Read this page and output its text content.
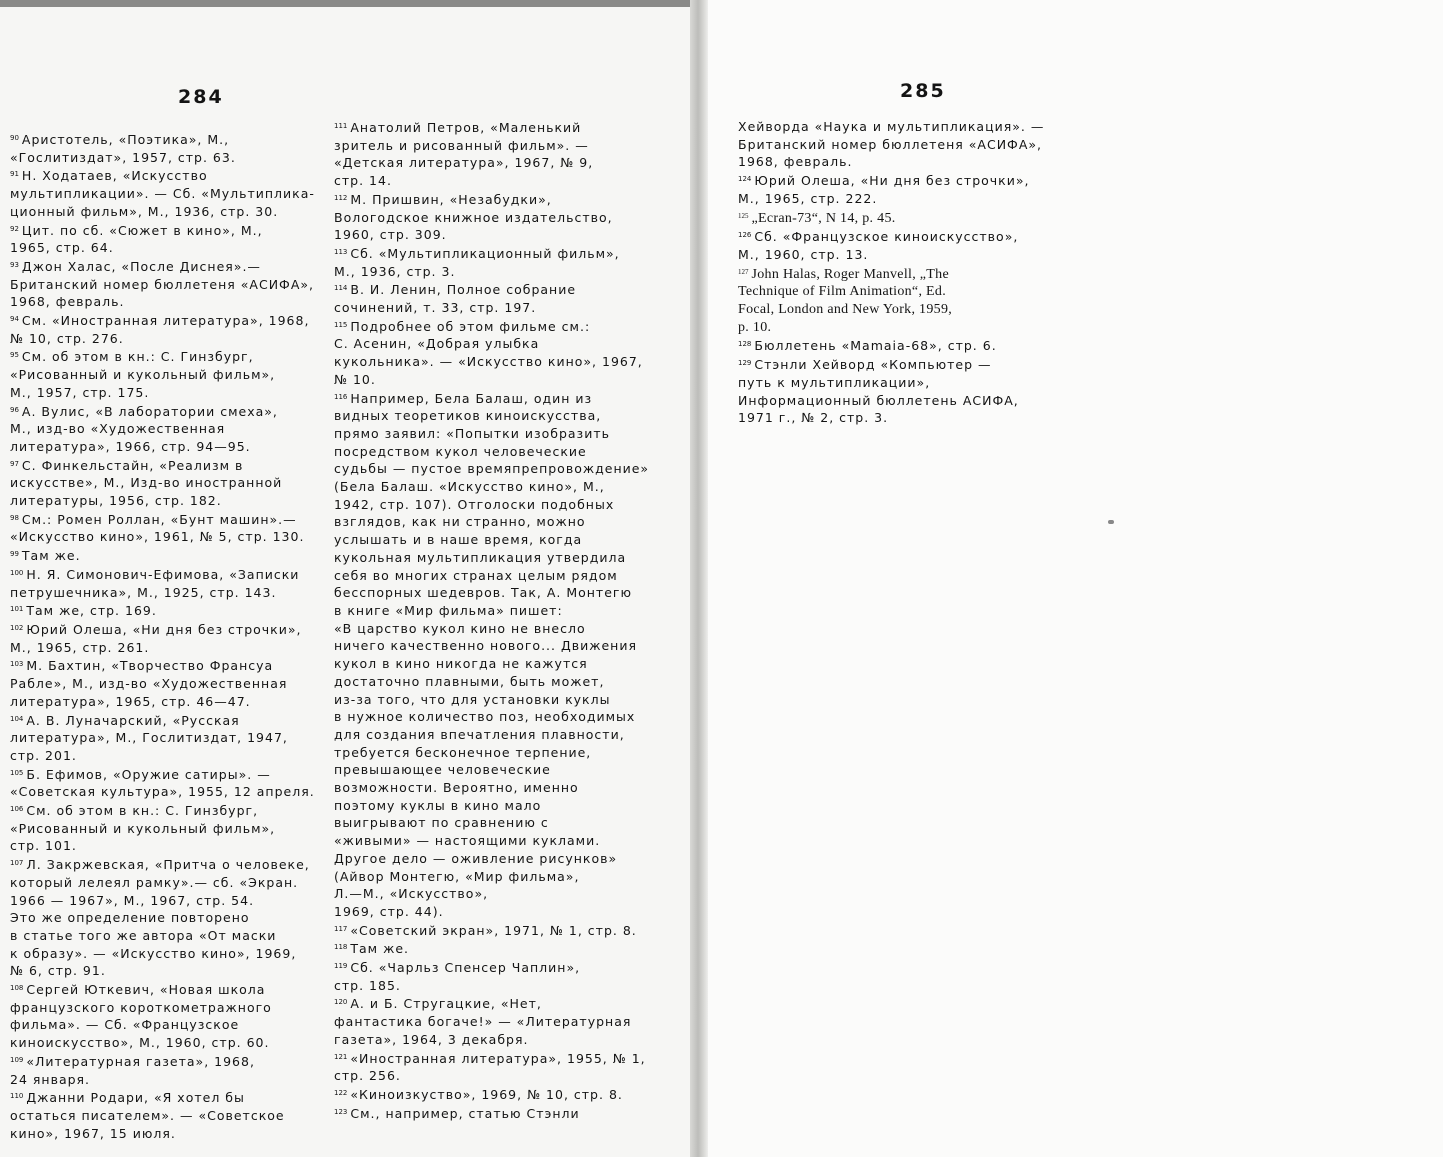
284

$^{90}$ Аристотель, «Поэтика», М.,

«Гослитиздат», 1957, стр. 63.

$^{91}$ Н. Ходатаев, «Искусство

мультипликации». — Сб. «Мультиплика-

ционный фильм», М., 1936, стр. 30.

$^{92}$ Цит. по сб. «Сюжет в кино», М.,

1965, стр. 64.

$^{93}$ Джон Халас, «После Диснея».—

Британский номер бюллетеня «АСИФА»,

1968, февраль.

$^{94}$ См. «Иностранная литература», 1968,

№ 10, стр. 276.

$^{95}$ См. об этом в кн.: С. Гинзбург,

«Рисованный и кукольный фильм»,

М., 1957, стр. 175.

$^{96}$ А. Вулис, «В лаборатории смеха»,

М., изд-во «Художественная

литература», 1966, стр. 94—95.

$^{97}$ С. Финкельстайн, «Реализм в

искусстве», М., Изд-во иностранной

литературы, 1956, стр. 182.

$^{98}$ См.: Ромен Роллан, «Бунт машин».—

«Искусство кино», 1961, № 5, стр. 130.

$^{99}$ Там же.

$^{100}$ Н. Я. Симонович-Ефимова, «Записки

петрушечника», М., 1925, стр. 143.

$^{101}$ Там же, стр. 169.

$^{102}$ Юрий Олеша, «Ни дня без строчки»,

М., 1965, стр. 261.

$^{103}$ М. Бахтин, «Творчество Франсуа

Рабле», М., изд-во «Художественная

литература», 1965, стр. 46—47.

$^{104}$ А. В. Луначарский, «Русская

литература», М., Гослитиздат, 1947,

стр. 201.

$^{105}$ Б. Ефимов, «Оружие сатиры». —

«Советская культура», 1955, 12 апреля.

$^{106}$ См. об этом в кн.: С. Гинзбург,

«Рисованный и кукольный фильм»,

стр. 101.

$^{107}$ Л. Закржевская, «Притча о человеке,

который лелеял рамку».— сб. «Экран.

1966 — 1967», М., 1967, стр. 54.

Это же определение повторено

в статье того же автора «От маски

к образу». — «Искусство кино», 1969,

№ 6, стр. 91.

$^{108}$ Сергей Юткевич, «Новая школа

французского короткометражного

фильма». — Сб. «Французское

киноискусство», М., 1960, стр. 60.

$^{109}$ «Литературная газета», 1968,

24 января.

$^{110}$ Джанни Родари, «Я хотел бы

остаться писателем». — «Советское

кино», 1967, 15 июля.

$^{111}$ Анатолий Петров, «Маленький

зритель и рисованный фильм». —

«Детская литература», 1967, № 9,

стр. 14.

$^{112}$ М. Пришвин, «Незабудки»,

Вологодское книжное издательство,

1960, стр. 309.

$^{113}$ Сб. «Мультипликационный фильм»,

М., 1936, стр. 3.

$^{114}$ В. И. Ленин, Полное собрание

сочинений, т. 33, стр. 197.

$^{115}$ Подробнее об этом фильме см.:

С. Асенин, «Добрая улыбка

кукольника». — «Искусство кино», 1967,

№ 10.

$^{116}$ Например, Бела Балаш, один из

видных теоретиков киноискусства,

прямо заявил: «Попытки изобразить

посредством кукол человеческие

судьбы — пустое времяпрепровождение»

(Бела Балаш. «Искусство кино», М.,

1942, стр. 107). Отголоски подобных

взглядов, как ни странно, можно

услышать и в наше время, когда

кукольная мультипликация утвердила

себя во многих странах целым рядом

бесспорных шедевров. Так, А. Монтегю

в книге «Мир фильма» пишет:

«В царство кукол кино не внесло

ничего качественно нового... Движения

кукол в кино никогда не кажутся

достаточно плавными, быть может,

из-за того, что для установки куклы

в нужное количество поз, необходимых

для создания впечатления плавности,

требуется бесконечное терпение,

превышающее человеческие

возможности. Вероятно, именно

поэтому куклы в кино мало

выигрывают по сравнению с

«живыми» — настоящими куклами.

Другое дело — оживление рисунков»

(Айвор Монтегю, «Мир фильма»,

Л.—М., «Искусство»,

1969, стр. 44).

$^{117}$ «Советский экран», 1971, № 1, стр. 8.

$^{118}$ Там же.

$^{119}$ Сб. «Чарльз Спенсер Чаплин»,

стр. 185.

$^{120}$ А. и Б. Стругацкие, «Нет,

фантастика богаче!» — «Литературная

газета», 1964, 3 декабря.

$^{121}$ «Иностранная литература», 1955, № 1,

стр. 256.

$^{122}$ «Киноизкуство», 1969, № 10, стр. 8.

$^{123}$ См., например, статью Стэнли

285

Хейворда «Наука и мультипликация». —

Британский номер бюллетеня «АСИФА»,

1968, февраль.

$^{124}$ Юрий Олеша, «Ни дня без строчки»,

М., 1965, стр. 222.

$^{125}$ „Ecran-73“, N 14, p. 45.

$^{126}$ Сб. «Французское киноискусство»,

М., 1960, стр. 13.

$^{127}$ John Halas, Roger Manvell, „The

Technique of Film Animation“, Ed.

Focal, London and New York, 1959,

p. 10.

$^{128}$ Бюллетень «Mamaia-68», стр. 6.

$^{129}$ Стэнли Хейворд «Компьютер —

путь к мультипликации»,

Информационный бюллетень АСИФА,

1971 г., № 2, стр. 3.
